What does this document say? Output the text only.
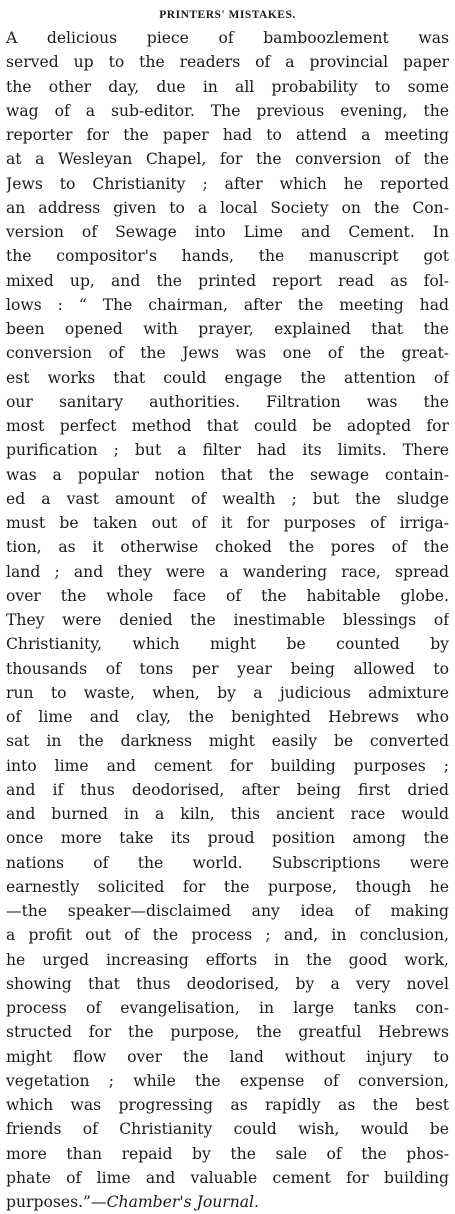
PRINTERS' MISTAKES.
A delicious piece of bamboozlement was
served up to the readers of a provincial paper
the other day, due in all probability to some
wag of a sub-editor. The previous evening, the
reporter for the paper had to attend a meeting
at a Wesleyan Chapel, for the conversion of the
Jews to Christianity ; after which he reported
an address given to a local Society on the Con-
version of Sewage into Lime and Cement. In
the compositor's hands, the manuscript got
mixed up, and the printed report read as fol-
lows : “ The chairman, after the meeting had
been opened with prayer, explained that the
conversion of the Jews was one of the great-
est works that could engage the attention of
our sanitary authorities. Filtration was the
most perfect method that could be adopted for
purification ; but a filter had its limits. There
was a popular notion that the sewage contain-
ed a vast amount of wealth ; but the sludge
must be taken out of it for purposes of irriga-
tion, as it otherwise choked the pores of the
land ; and they were a wandering race, spread
over the whole face of the habitable globe.
They were denied the inestimable blessings of
Christianity, which might be counted by
thousands of tons per year being allowed to
run to waste, when, by a judicious admixture
of lime and clay, the benighted Hebrews who
sat in the darkness might easily be converted
into lime and cement for building purposes ;
and if thus deodorised, after being first dried
and burned in a kiln, this ancient race would
once more take its proud position among the
nations of the world. Subscriptions were
earnestly solicited for the purpose, though he
—the speaker—disclaimed any idea of making
a profit out of the process ; and, in conclusion,
he urged increasing efforts in the good work,
showing that thus deodorised, by a very novel
process of evangelisation, in large tanks con-
structed for the purpose, the greatful Hebrews
might flow over the land without injury to
vegetation ; while the expense of conversion,
which was progressing as rapidly as the best
friends of Christianity could wish, would be
more than repaid by the sale of the phos-
phate of lime and valuable cement for building
purposes.”—Chamber's Journal.
